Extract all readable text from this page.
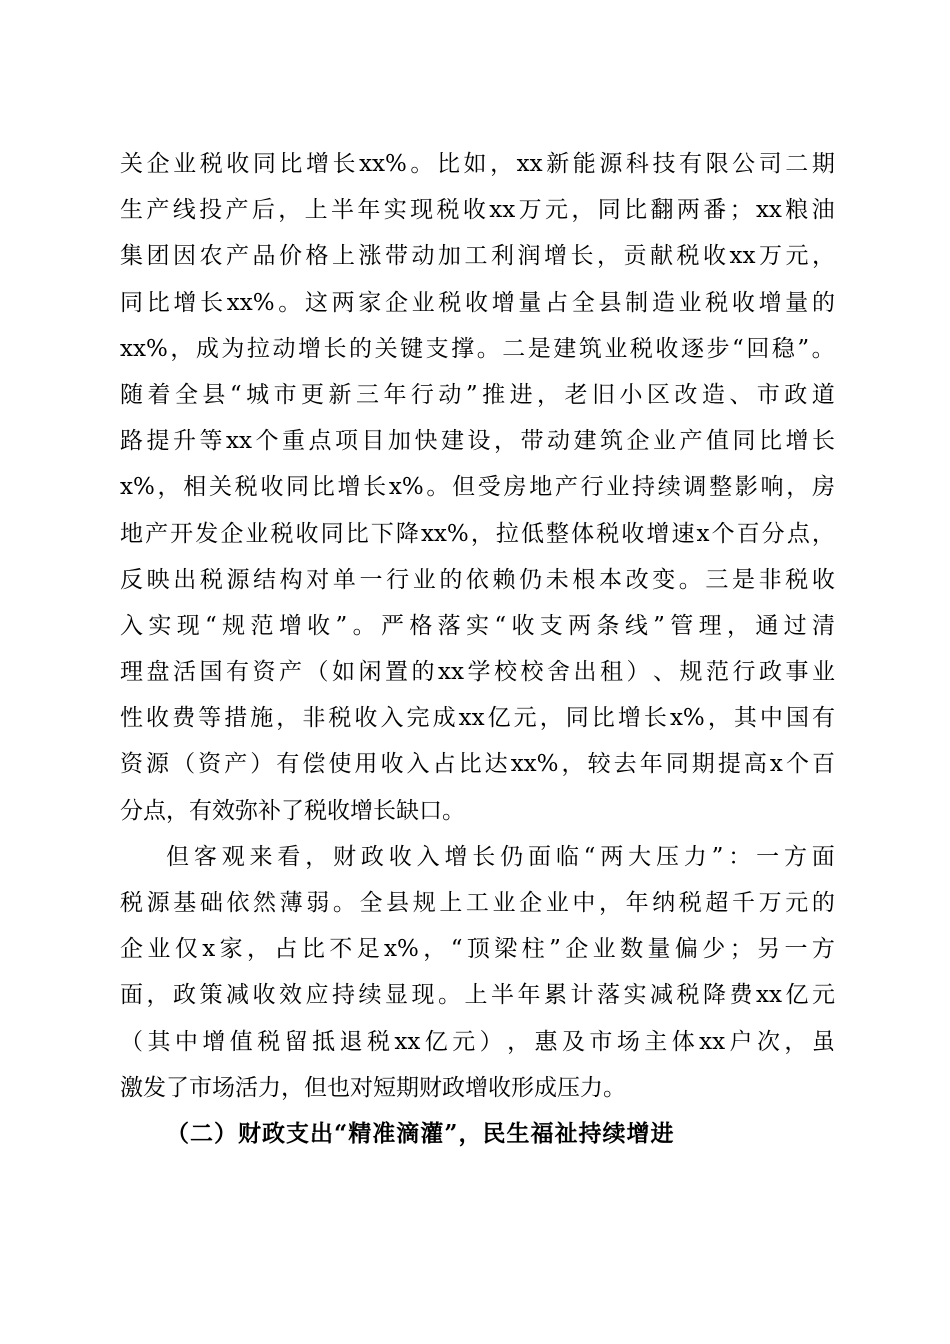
关 企 业 税 收 同 比 增 长 xx% 。 比 如 ， xx 新 能 源 科 技 有 限 公 司 二 期
生 产 线 投 产 后 ， 上 半 年 实 现 税 收 xx 万 元 ， 同 比 翻 两 番 ； xx 粮 油
集 团 因 农 产 品 价 格 上 涨 带 动 加 工 利 润 增 长 ， 贡 献 税 收 xx 万 元 ，
同 比 增 长 xx% 。 这 两 家 企 业 税 收 增 量 占 全 县 制 造 业 税 收 增 量 的
xx% ， 成 为 拉 动 增 长 的 关 键 支 撑 。 二 是 建 筑 业 税 收 逐 步 “ 回 稳 ” 。
随 着 全 县 “ 城 市 更 新 三 年 行 动 ” 推 进 ， 老 旧 小 区 改 造 、 市 政 道
路 提 升 等 xx 个 重 点 项 目 加 快 建 设 ， 带 动 建 筑 企 业 产 值 同 比 增 长
x% ， 相 关 税 收 同 比 增 长 x% 。 但 受 房 地 产 行 业 持 续 调 整 影 响 ， 房
地 产 开 发 企 业 税 收 同 比 下 降 xx% ， 拉 低 整 体 税 收 增 速 x 个 百 分 点 ，
反 映 出 税 源 结 构 对 单 一 行 业 的 依 赖 仍 未 根 本 改 变 。 三 是 非 税 收
入 实 现 “ 规 范 增 收 ” 。 严 格 落 实 “ 收 支 两 条 线 ” 管 理 ， 通 过 清
理 盘 活 国 有 资 产 （ 如 闲 置 的 xx 学 校 校 舍 出 租 ） 、 规 范 行 政 事 业
性 收 费 等 措 施 ， 非 税 收 入 完 成 xx 亿 元 ， 同 比 增 长 x% ， 其 中 国 有
资 源 （ 资 产 ） 有 偿 使 用 收 入 占 比 达 xx% ， 较 去 年 同 期 提 高 x 个 百
分点，有效弥补了税收增长缺口。
但 客 观 来 看 ， 财 政 收 入 增 长 仍 面 临 “ 两 大 压 力 ” ： 一 方 面
税 源 基 础 依 然 薄 弱 。 全 县 规 上 工 业 企 业 中 ， 年 纳 税 超 千 万 元 的
企 业 仅 x 家 ， 占 比 不 足 x% ， “ 顶 梁 柱 ” 企 业 数 量 偏 少 ； 另 一 方
面 ， 政 策 减 收 效 应 持 续 显 现 。 上 半 年 累 计 落 实 减 税 降 费 xx 亿 元
（ 其 中 增 值 税 留 抵 退 税 xx 亿 元 ） ， 惠 及 市 场 主 体 xx 户 次 ， 虽
激发了市场活力，但也对短期财政增收形成压力。
（二）财政支出“精准滴灌”，民生福祉持续增进
